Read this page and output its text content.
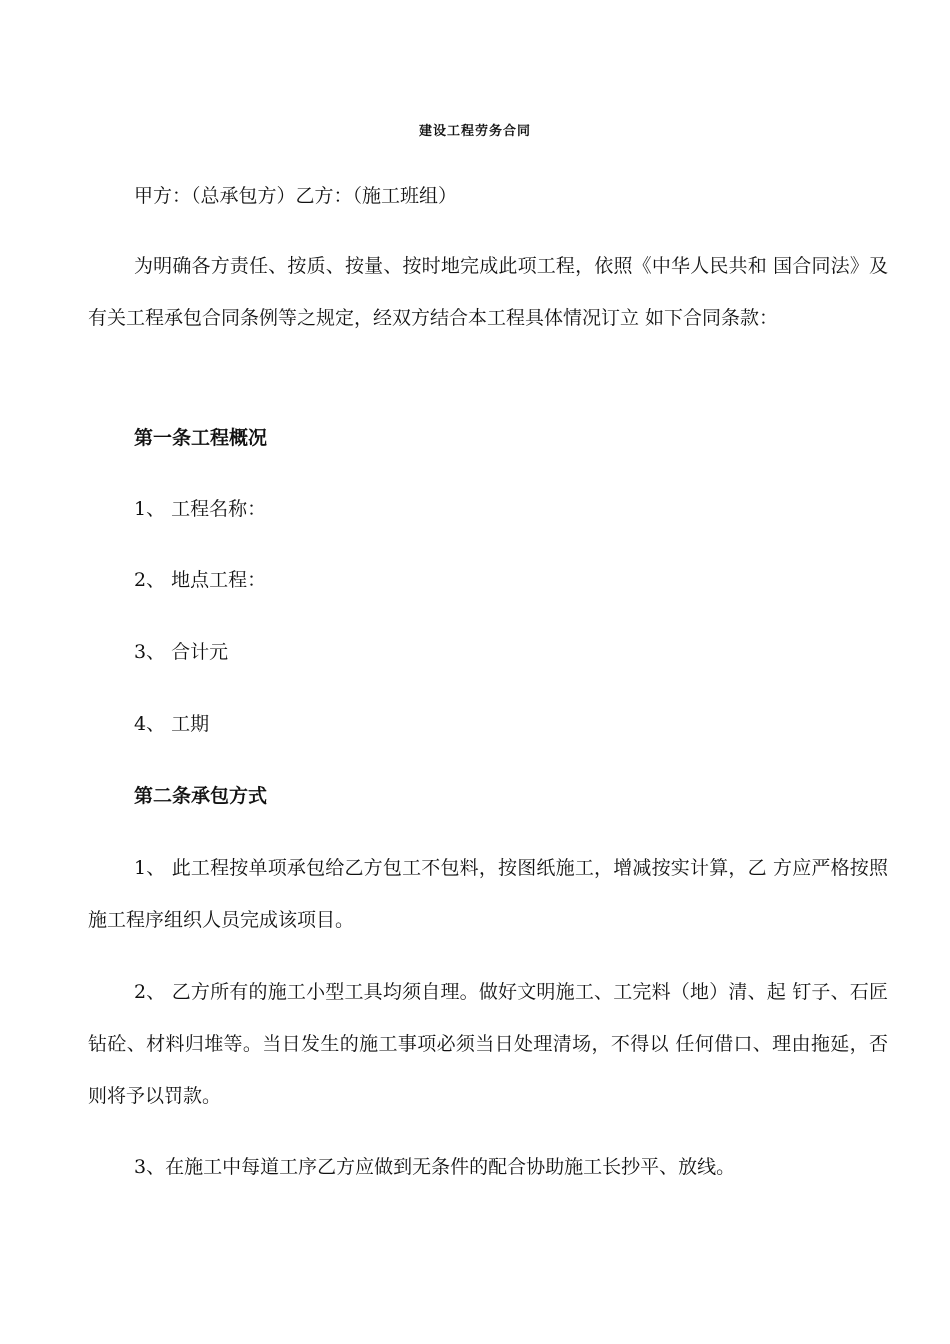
建设工程劳务合同
甲方：（总承包方）乙方：（施工班组）
为明确各方责任、按质、按量、按时地完成此项工程，依照《中华人民共和 国合同法》及有关工程承包合同条例等之规定，经双方结合本工程具体情况订立 如下合同条款：
第一条工程概况
1、 工程名称：
2、 地点工程：
3、 合计元
4、 工期
第二条承包方式
1、 此工程按单项承包给乙方包工不包料，按图纸施工，增减按实计算，乙 方应严格按照施工程序组织人员完成该项目。
2、 乙方所有的施工小型工具均须自理。做好文明施工、工完料（地）清、起 钉子、石匠钻砼、材料归堆等。当日发生的施工事项必须当日处理清场，不得以 任何借口、理由拖延，否则将予以罚款。
3、在施工中每道工序乙方应做到无条件的配合协助施工长抄平、放线。
